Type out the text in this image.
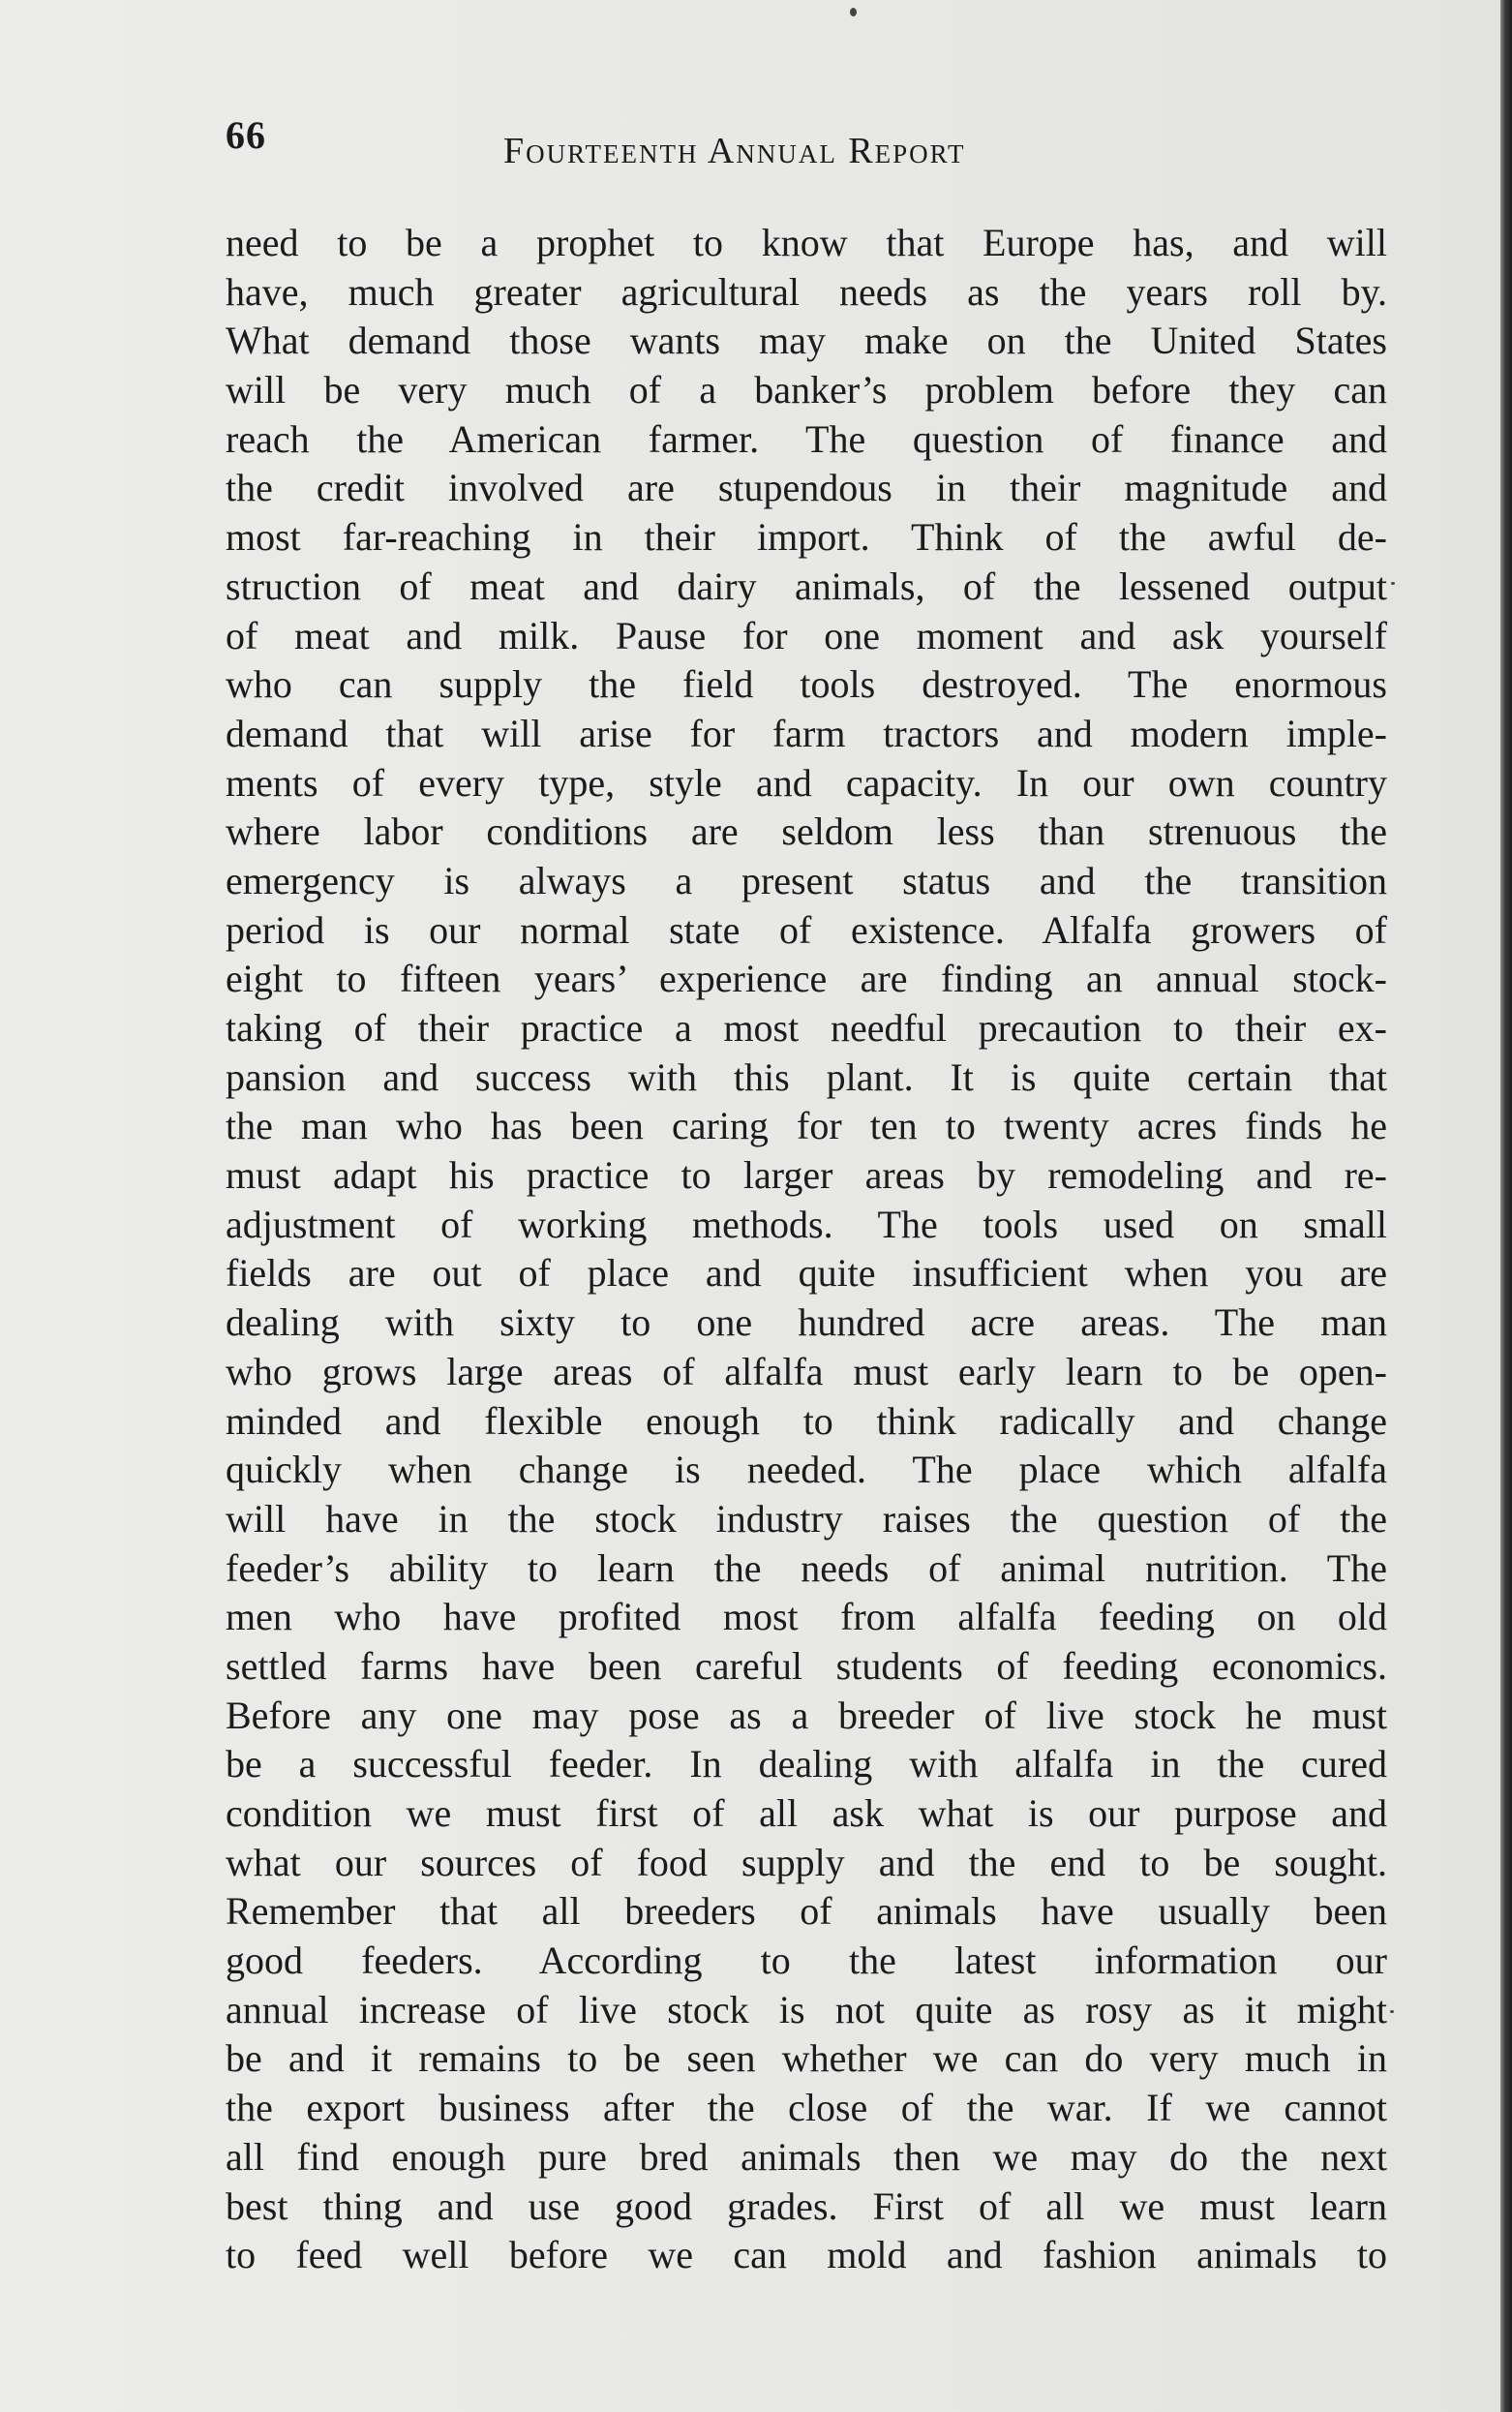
66	Fourteenth Annual Report
need to be a prophet to know that Europe has, and will
have, much greater agricultural needs as the years roll by.
What demand those wants may make on the United States
will be very much of a banker’s problem before they can
reach the American farmer. The question of finance and
the credit involved are stupendous in their magnitude and
most far-reaching in their import. Think of the awful de-
struction of meat and dairy animals, of the lessened output
of meat and milk. Pause for one moment and ask yourself
who can supply the field tools destroyed. The enormous
demand that will arise for farm tractors and modern imple-
ments of every type, style and capacity. In our own country
where labor conditions are seldom less than strenuous the
emergency is always a present status and the transition
period is our normal state of existence. Alfalfa growers of
eight to fifteen years’ experience are finding an annual stock-
taking of their practice a most needful precaution to their ex-
pansion and success with this plant. It is quite certain that
the man who has been caring for ten to twenty acres finds he
must adapt his practice to larger areas by remodeling and re-
adjustment of working methods. The tools used on small
fields are out of place and quite insufficient when you are
dealing with sixty to one hundred acre areas. The man
who grows large areas of alfalfa must early learn to be open-
minded and flexible enough to think radically and change
quickly when change is needed. The place which alfalfa
will have in the stock industry raises the question of the
feeder’s ability to learn the needs of animal nutrition. The
men who have profited most from alfalfa feeding on old
settled farms have been careful students of feeding economics.
Before any one may pose as a breeder of live stock he must
be a successful feeder. In dealing with alfalfa in the cured
condition we must first of all ask what is our purpose and
what our sources of food supply and the end to be sought.
Remember that all breeders of animals have usually been
good feeders. According to the latest information our
annual increase of live stock is not quite as rosy as it might
be and it remains to be seen whether we can do very much in
the export business after the close of the war. If we cannot
all find enough pure bred animals then we may do the next
best thing and use good grades. First of all we must learn
to feed well before we can mold and fashion animals to
